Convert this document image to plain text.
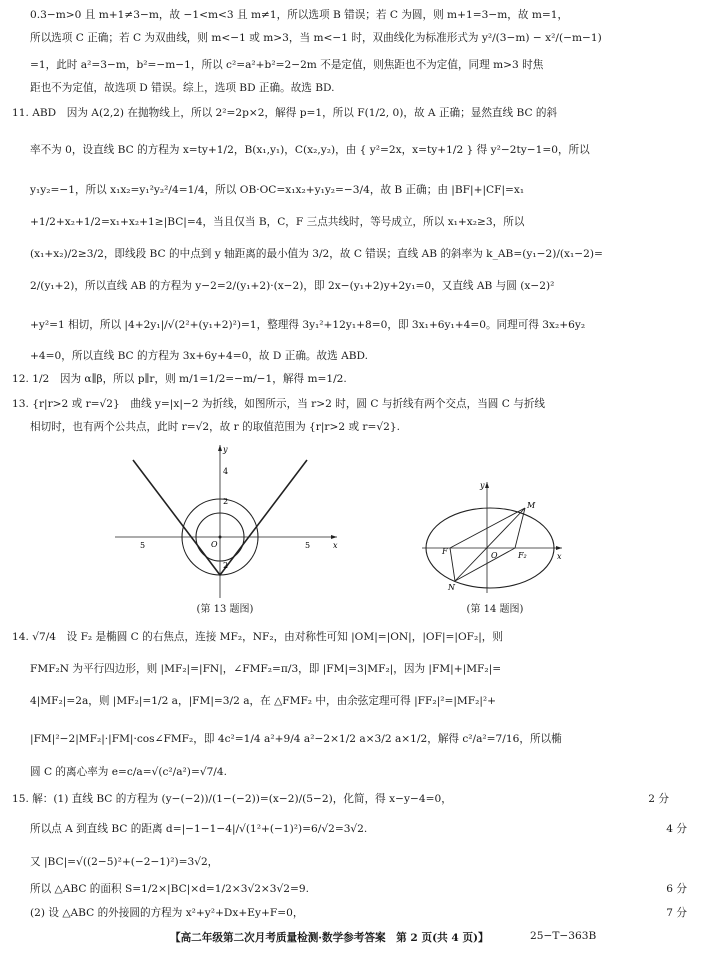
0.3−m>0 且 m+1≠3−m，故 −1<m<3 且 m≠1，所以选项 B 错误；若 C 为圆，则 m+1=3−m，故 m=1，
所以选项 C 正确；若 C 为双曲线，则 m<−1 或 m>3，当 m<−1 时，双曲线化为标准形式为 y²/(3−m) − x²/(−m−1)
=1，此时 a²=3−m，b²=−m−1，所以 c²=a²+b²=2−2m 不是定值，则焦距也不为定值，同理 m>3 时焦
距也不为定值，故选项 D 错误。综上，选项 BD 正确。故选 BD.
11. ABD　因为 A(2,2) 在抛物线上，所以 2²=2p×2，解得 p=1，所以 F(1/2, 0)，故 A 正确；显然直线 BC 的斜
率不为 0，设直线 BC 的方程为 x=ty+1/2，B(x₁,y₁)，C(x₂,y₂)，由 { y²=2x，x=ty+1/2 } 得 y²−2ty−1=0，所以
y₁y₂=−1，所以 x₁x₂=y₁²y₂²/4=1/4，所以 OB·OC=x₁x₂+y₁y₂=−3/4，故 B 正确；由 |BF|+|CF|=x₁
+1/2+x₂+1/2=x₁+x₂+1≥|BC|=4，当且仅当 B，C，F 三点共线时，等号成立，所以 x₁+x₂≥3，所以
(x₁+x₂)/2≥3/2，即线段 BC 的中点到 y 轴距离的最小值为 3/2，故 C 错误；直线 AB 的斜率为 k_AB=(y₁−2)/(x₁−2)=
2/(y₁+2)，所以直线 AB 的方程为 y−2=2/(y₁+2)·(x−2)，即 2x−(y₁+2)y+2y₁=0，又直线 AB 与圆 (x−2)²
+y²=1 相切，所以 |4+2y₁|/√(2²+(y₁+2)²)=1，整理得 3y₁²+12y₁+8=0，即 3x₁+6y₁+4=0。同理可得 3x₂+6y₂
+4=0，所以直线 BC 的方程为 3x+6y+4=0，故 D 正确。故选 ABD.
12. 1/2　因为 α∥β，所以 p∥r，则 m/1=1/2=−m/−1，解得 m=1/2.
13. {r|r>2 或 r=√2}　曲线 y=|x|−2 为折线，如图所示，当 r>2 时，圆 C 与折线有两个交点，当圆 C 与折线
相切时，也有两个公共点，此时 r=√2，故 r 的取值范围为 {r|r>2 或 r=√2}.
y
x
5	5
4
2
2
O
(第 13 题图)
y
x
O
M
N
F	F₂
(第 14 题图)
14. √7/4　设 F₂ 是椭圆 C 的右焦点，连接 MF₂，NF₂，由对称性可知 |OM|=|ON|，|OF|=|OF₂|，则
FMF₂N 为平行四边形，则 |MF₂|=|FN|，∠FMF₂=π/3，即 |FM|=3|MF₂|，因为 |FM|+|MF₂|=
4|MF₂|=2a，则 |MF₂|=1/2 a，|FM|=3/2 a，在 △FMF₂ 中，由余弦定理可得 |FF₂|²=|MF₂|²+
|FM|²−2|MF₂|·|FM|·cos∠FMF₂，即 4c²=1/4 a²+9/4 a²−2×1/2 a×3/2 a×1/2，解得 c²/a²=7/16，所以椭
圆 C 的离心率为 e=c/a=√(c²/a²)=√7/4.
15. 解：(1) 直线 BC 的方程为 (y−(−2))/(1−(−2))=(x−2)/(5−2)，化简，得 x−y−4=0，	2 分
所以点 A 到直线 BC 的距离 d=|−1−1−4|/√(1²+(−1)²)=6/√2=3√2.	4 分
又 |BC|=√((2−5)²+(−2−1)²)=3√2，
所以 △ABC 的面积 S=1/2×|BC|×d=1/2×3√2×3√2=9.	6 分
(2) 设 △ABC 的外接圆的方程为 x²+y²+Dx+Ey+F=0，	7 分
【高二年级第二次月考质量检测·数学参考答案　第 2 页(共 4 页)】	25−T−363B
